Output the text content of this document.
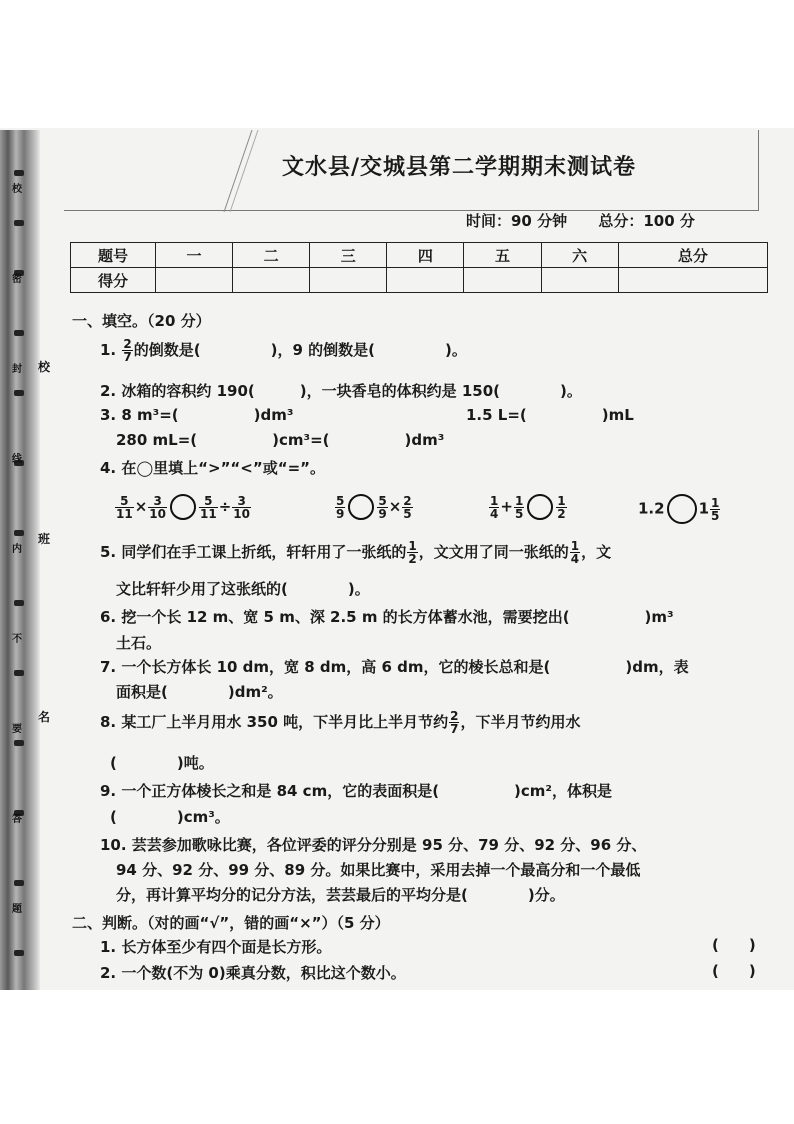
校
密
封
线
内
不
要
答
题
校
班
名
文水县/交城县第二学期期末测试卷
时间：90 分钟 总分：100 分
题号	一	二	三	四	五	六	总分
得分							
一、填空。（20 分）
1. $\frac{2}{7}$ 的倒数是(	)，9 的倒数是(	)。
2. 冰箱的容积约 190(　　　)，一块香皂的体积约是 150(　　　　)。
3. 8 m³=(　　　　　)dm³	1.5 L=(　　　　　)mL
280 mL=(　　　　　)cm³=(　　　　　)dm³
4. 在◯里填上“>”“<”或“=”。
$\frac{5}{11} \times \frac{3}{10}$	$\frac{5}{11} \div \frac{3}{10}$	$\frac{5}{9}$	$\frac{5}{9} \times \frac{2}{5}$	$\frac{1}{4} + \frac{1}{5}$	$\frac{1}{2}$	1.2 $1 \frac{1}{5}$
5. 同学们在手工课上折纸，轩轩用了一张纸的 $\frac{1}{2}$ ，文文用了同一张纸的 $\frac{1}{4}$ ，文
文比轩轩少用了这张纸的(　　　　)。
6. 挖一个长 12 m、宽 5 m、深 2.5 m 的长方体蓄水池，需要挖出(　　　　　)m³
土石。
7. 一个长方体长 10 dm，宽 8 dm，高 6 dm，它的棱长总和是(　　　　　)dm，表
面积是(　　　　)dm²。
8. 某工厂上半月用水 350 吨，下半月比上半月节约 $\frac{2}{7}$ ，下半月节约用水
(　　　　)吨。
9. 一个正方体棱长之和是 84 cm，它的表面积是(　　　　　)cm²，体积是
(　　　　)cm³。
10. 芸芸参加歌咏比赛，各位评委的评分分别是 95 分、79 分、92 分、96 分、
94 分、92 分、99 分、89 分。如果比赛中，采用去掉一个最高分和一个最低
分，再计算平均分的记分方法，芸芸最后的平均分是(　　　　)分。
二、判断。（对的画“√”，错的画“×”）（5 分）
1. 长方体至少有四个面是长方形。	(　　)
2. 一个数(不为 0)乘真分数，积比这个数小。	(　　)
